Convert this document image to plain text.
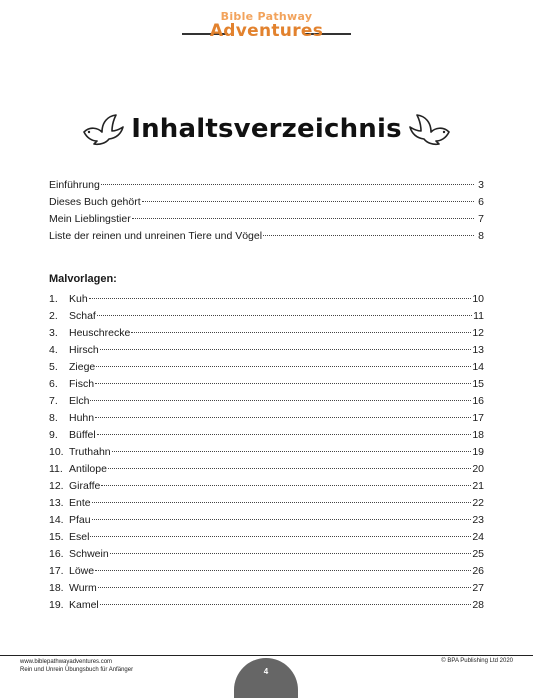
Bible Pathway
Adventures
Inhaltsverzeichnis
Einführung	3
Dieses Buch gehört	6
Mein Lieblingstier	7
Liste der reinen und unreinen Tiere und Vögel	8
Malvorlagen:
1.	Kuh	10
2.	Schaf	11
3.	Heuschrecke	12
4.	Hirsch	13
5.	Ziege	14
6.	Fisch	15
7.	Elch	16
8.	Huhn	17
9.	Büffel	18
10. Truthahn	19
11. Antilope	20
12. Giraffe	21
13. Ente	22
14. Pfau	23
15. Esel	24
16. Schwein	25
17. Löwe	26
18. Wurm	27
19. Kamel	28
www.biblepathwayadventures.com
Rein und Unrein Übungsbuch für Anfänger
© BPA Publishing Ltd 2020
4
